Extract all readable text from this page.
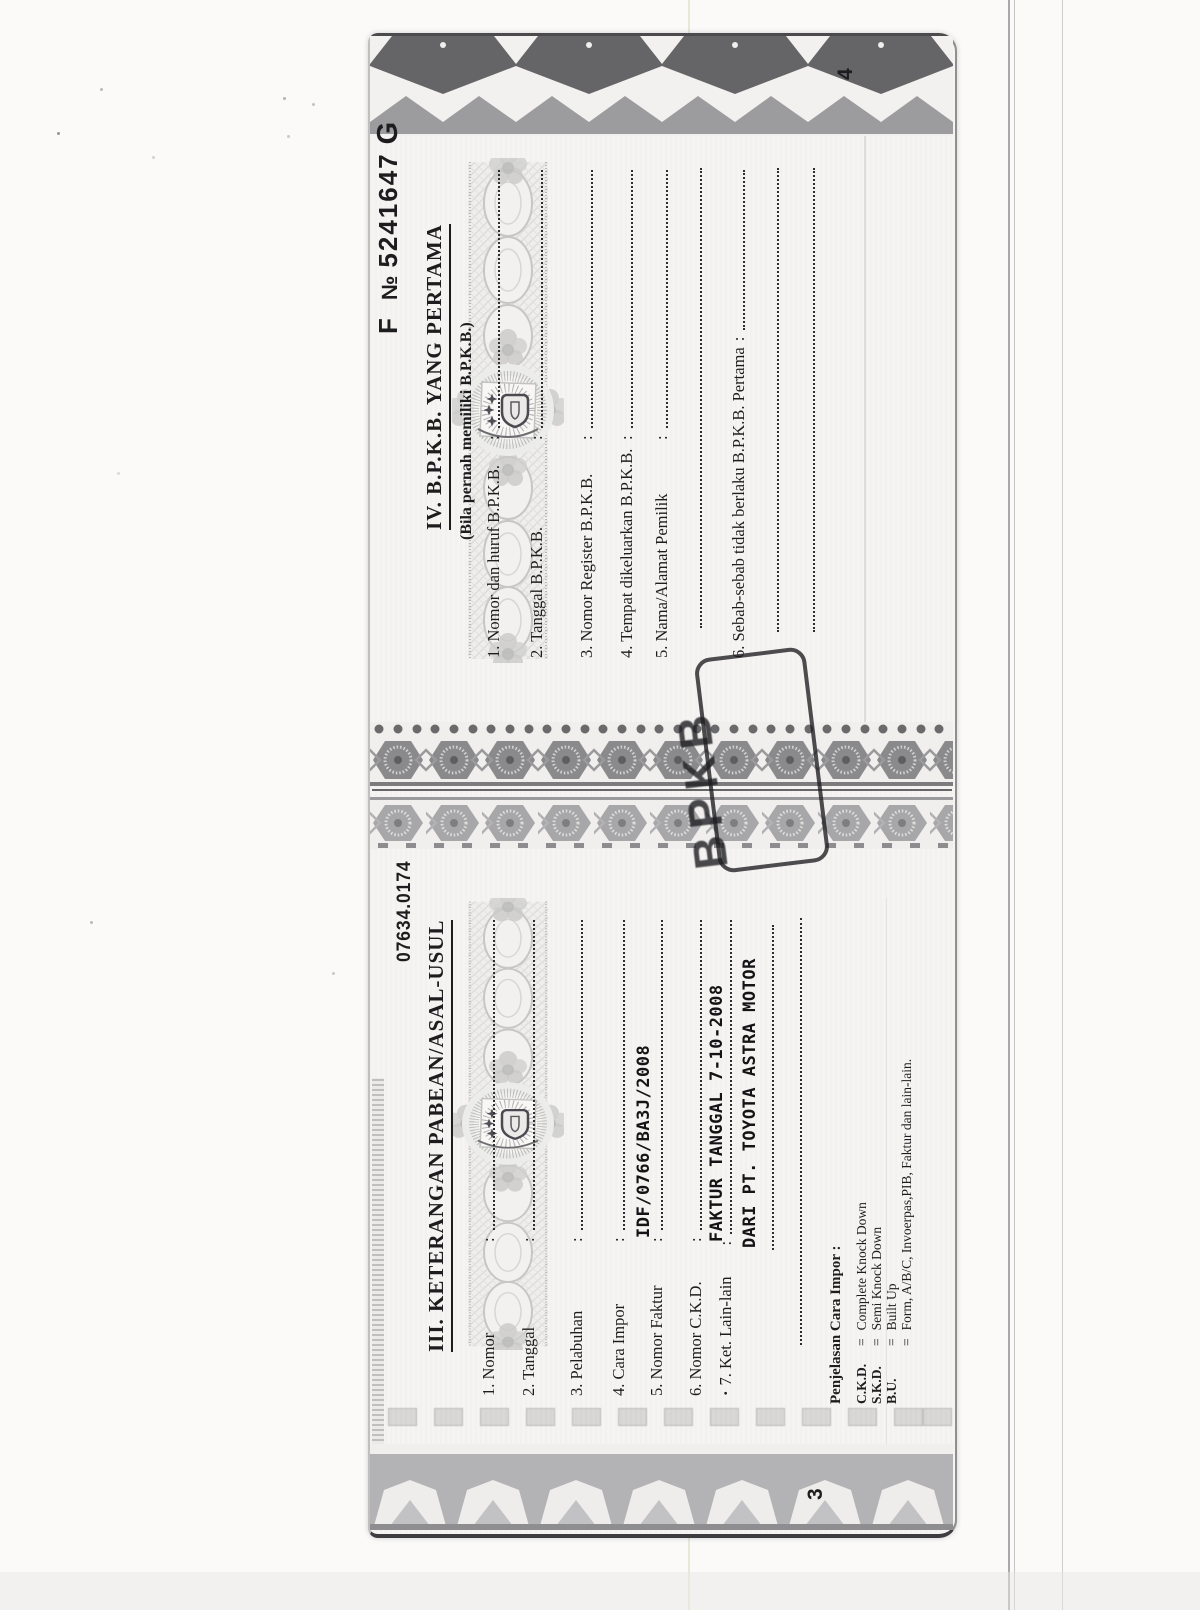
4
F№5241647G
IV. B.P.K.B. YANG PERTAMA (Bila pernah memiliki B.P.K.B.)
1. Nomor dan huruf B.P.K.B.
:
2. Tanggal B.P.K.B.
:
3. Nomor Register B.P.K.B.
:
4. Tempat dikeluarkan B.P.K.B.
:
5. Nama/Alamat Pemilik
:	6. Sebab-sebab tidak berlaku B.P.K.B. Pertama
:
BPKB
07634.0174
III. KETERANGAN PABEAN/ASAL-USUL
1. Nomor
:
2. Tanggal
:
3. Pelabuhan
:
4. Cara Impor
:
5. Nomor Faktur
:
6. Nomor C.K.D.
:
·
7. Ket. Lain-lain
:
IDF/0766/BA3J/2008	FAKTUR TANGGAL 7-10-2008 DARI PT. TOYOTA ASTRA MOTOR
Penjelasan Cara Impor : C.K.D.
=
Complete Knock Down
S.K.D.
=
Semi Knock Down
B.U.
=
Built Up
=
Form, A/B/C, Invoerpas,PIB, Faktur dan lain-lain.
3
